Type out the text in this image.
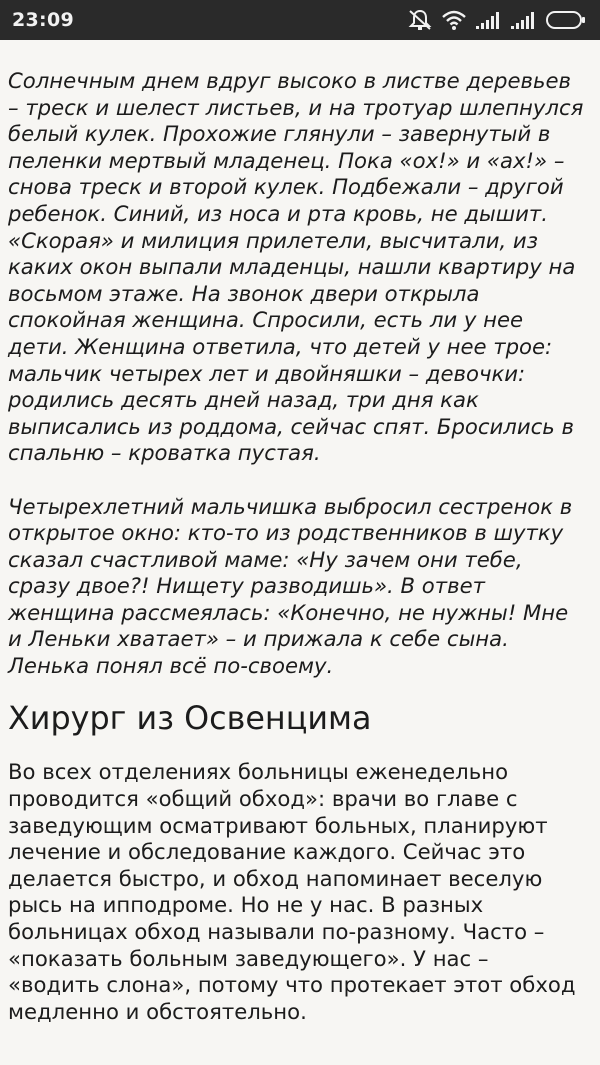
23:09

Солнечным днем вдруг высоко в листве деревьев – треск и шелест листьев, и на тротуар шлепнулся белый кулек. Прохожие глянули – завернутый в пеленки мертвый младенец. Пока «ох!» и «ах!» – снова треск и второй кулек. Подбежали – другой ребенок. Синий, из носа и рта кровь, не дышит. «Скорая» и милиция прилетели, высчитали, из каких окон выпали младенцы, нашли квартиру на восьмом этаже. На звонок двери открыла спокойная женщина. Спросили, есть ли у нее дети. Женщина ответила, что детей у нее трое: мальчик четырех лет и двойняшки – девочки: родились десять дней назад, три дня как выписались из роддома, сейчас спят. Бросились в спальню – кроватка пустая.

Четырехлетний мальчишка выбросил сестренок в открытое окно: кто-то из родственников в шутку сказал счастливой маме: «Ну зачем они тебе, сразу двое?! Нищету разводишь». В ответ женщина рассмеялась: «Конечно, не нужны! Мне и Леньки хватает» – и прижала к себе сына. Ленька понял всё по-своему.

Хирург из Освенцима

Во всех отделениях больницы еженедельно проводится «общий обход»: врачи во главе с заведующим осматривают больных, планируют лечение и обследование каждого. Сейчас это делается быстро, и обход напоминает веселую рысь на ипподроме. Но не у нас. В разных больницах обход называли по-разному. Часто – «показать больным заведующего». У нас – «водить слона», потому что протекает этот обход медленно и обстоятельно.
